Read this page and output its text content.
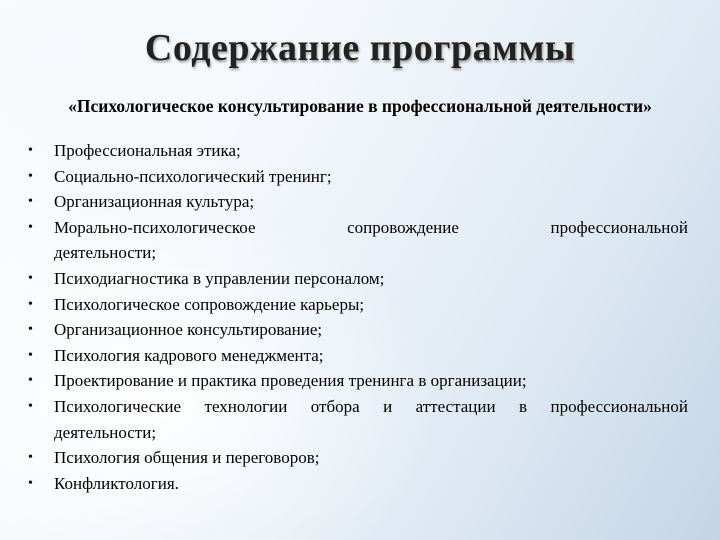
Содержание программы
«Психологическое консультирование в профессиональной деятельности»
• Профессиональная этика;
• Социально-психологический тренинг;
• Организационная культура;
• Морально-психологическое	сопровождение	профессиональной
деятельности;
• Психодиагностика в управлении персоналом;
• Психологическое сопровождение карьеры;
• Организационное консультирование;
• Психология кадрового менеджмента;
• Проектирование и практика проведения тренинга в организации;
• Психологические технологии отбора и аттестации в профессиональной
деятельности;
• Психология общения и переговоров;
• Конфликтология.
